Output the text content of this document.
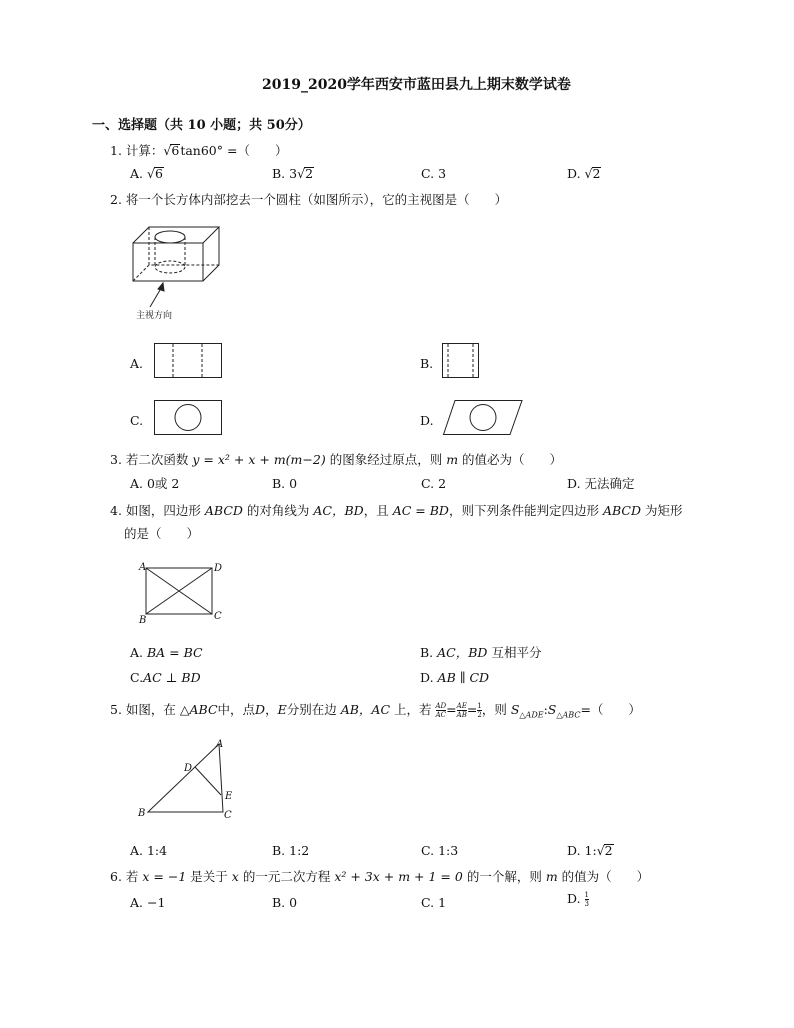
2019_2020学年西安市蓝田县九上期末数学试卷
一、选择题（共 10 小题；共 50分）
1. 计算：√6tan60° =（　　）
A. √6	B. 3√2	C. 3	D. √2
2. 将一个长方体内部挖去一个圆柱（如图所示），它的主视图是（　　）
主视方向
A.	B.
C.	D.
3. 若二次函数 y = x² + x + m(m−2) 的图象经过原点，则 m 的值必为（　　）
A. 0或 2	B. 0	C. 2	D. 无法确定
4. 如图，四边形 ABCD 的对角线为 AC，BD，且 AC = BD，则下列条件能判定四边形 ABCD 为矩形
的是（　　）
A	D
B	C
A. BA = BC	B. AC，BD 互相平分
C.AC ⊥ BD	D. AB ∥ CD
5. 如图，在 △ABC中，点D，E分别在边 AB，AC 上，若 $\frac{AD}{AC} = \frac{AE}{AB} = \frac{1}{2}$ ，则 $S_{\triangle ADE}:S_{\triangle ABC}=$（　　）
A
D
E
B	C
A. 1:4	B. 1:2	C. 1:3	D. 1:√2
6. 若 x = −1 是关于 x 的一元二次方程 x² + 3x + m + 1 = 0 的一个解，则 m 的值为（　　）
A. −1	B. 0	C. 1	D. $\frac{1}{3}$
